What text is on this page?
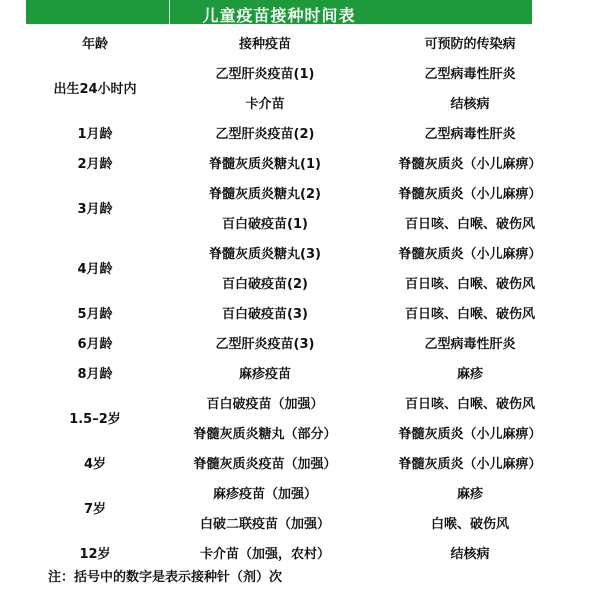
儿童疫苗接种时间表
年龄	接种疫苗	可预防的传染病
出生24小时内	乙型肝炎疫苗(1)	乙型病毒性肝炎
	卡介苗	结核病
1月龄	乙型肝炎疫苗(2)	乙型病毒性肝炎
2月龄	脊髓灰质炎糖丸(1)	脊髓灰质炎（小儿麻痹）
3月龄	脊髓灰质炎糖丸(2)	脊髓灰质炎（小儿麻痹）
	百白破疫苗(1)	百日咳、白喉、破伤风
4月龄	脊髓灰质炎糖丸(3)	脊髓灰质炎（小儿麻痹）
	百白破疫苗(2)	百日咳、白喉、破伤风
5月龄	百白破疫苗(3)	百日咳、白喉、破伤风
6月龄	乙型肝炎疫苗(3)	乙型病毒性肝炎
8月龄	麻疹疫苗	麻疹
1.5–2岁	百白破疫苗（加强）	百日咳、白喉、破伤风
	脊髓灰质炎糖丸（部分）	脊髓灰质炎（小儿麻痹）
4岁	脊髓灰质炎疫苗（加强）	脊髓灰质炎（小儿麻痹）
7岁	麻疹疫苗（加强）	麻疹
	白破二联疫苗（加强）	白喉、破伤风
12岁	卡介苗（加强，农村）	结核病
注：括号中的数字是表示接种针（剂）次
